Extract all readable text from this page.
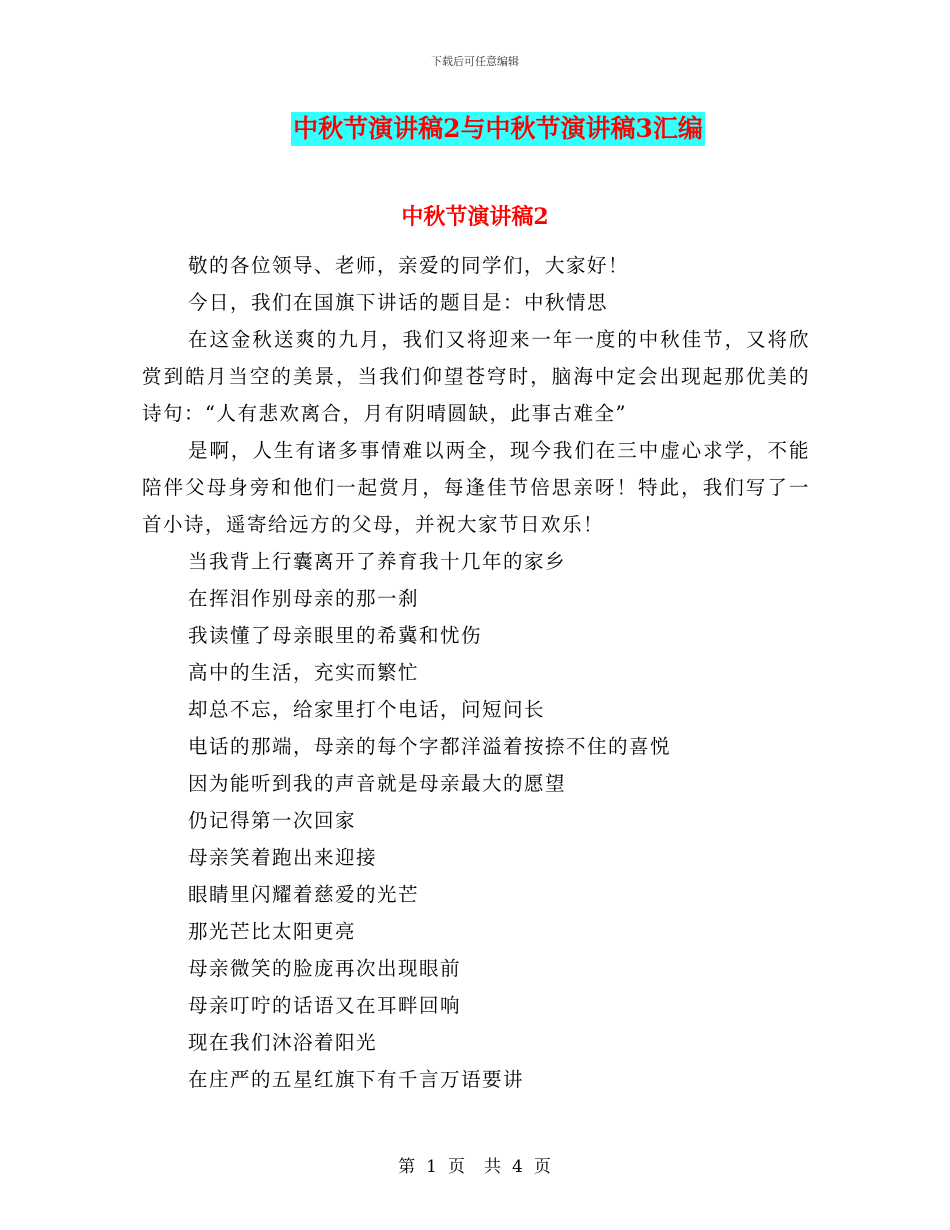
下载后可任意编辑
中秋节演讲稿2与中秋节演讲稿3汇编
中秋节演讲稿2

敬的各位领导、老师，亲爱的同学们，大家好！

今日，我们在国旗下讲话的题目是：中秋情思

在这金秋送爽的九月，我们又将迎来一年一度的中秋佳节，又将欣赏到皓月当空的美景，当我们仰望苍穹时，脑海中定会出现起那优美的诗句：“人有悲欢离合，月有阴晴圆缺，此事古难全”

是啊，人生有诸多事情难以两全，现今我们在三中虚心求学，不能陪伴父母身旁和他们一起赏月，每逢佳节倍思亲呀！特此，我们写了一首小诗，遥寄给远方的父母，并祝大家节日欢乐！

当我背上行囊离开了养育我十几年的家乡

在挥泪作别母亲的那一刹

我读懂了母亲眼里的希冀和忧伤

高中的生活，充实而繁忙

却总不忘，给家里打个电话，问短问长

电话的那端，母亲的每个字都洋溢着按捺不住的喜悦

因为能听到我的声音就是母亲最大的愿望

仍记得第一次回家

母亲笑着跑出来迎接

眼睛里闪耀着慈爱的光芒

那光芒比太阳更亮

母亲微笑的脸庞再次出现眼前

母亲叮咛的话语又在耳畔回响

现在我们沐浴着阳光

在庄严的五星红旗下有千言万语要讲

第 1 页　共 4 页
